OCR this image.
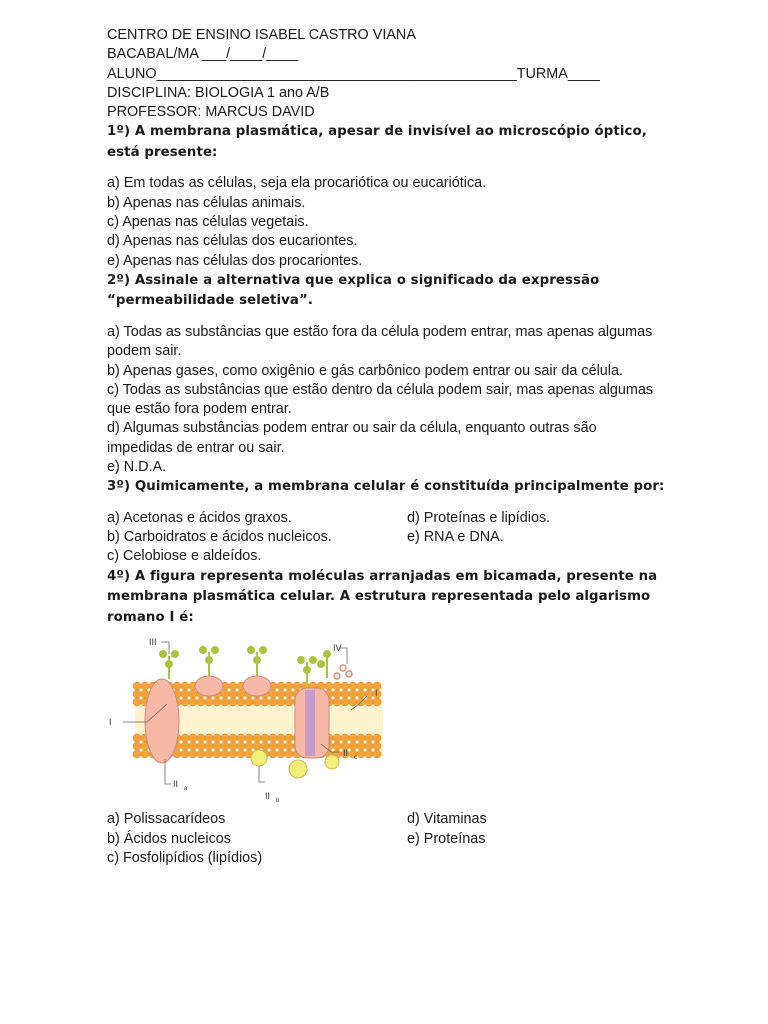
CENTRO DE ENSINO ISABEL CASTRO VIANA
BACABAL/MA ___/____/____
ALUNO_____________________________________________TURMA____
DISCIPLINA: BIOLOGIA 1 ano A/B
PROFESSOR: MARCUS DAVID
1º) A membrana plasmática, apesar de invisível ao microscópio óptico, está presente:
a) Em todas as células, seja ela procariótica ou eucariótica.
b) Apenas nas células animais.
c) Apenas nas células vegetais.
d) Apenas nas células dos eucariontes.
e) Apenas nas células dos procariontes.
2º) Assinale a alternativa que explica o significado da expressão “permeabilidade seletiva”.
a) Todas as substâncias que estão fora da célula podem entrar, mas apenas algumas podem sair.
b) Apenas gases, como oxigênio e gás carbônico podem entrar ou sair da célula.
c) Todas as substâncias que estão dentro da célula podem sair, mas apenas algumas que estão fora podem entrar.
d) Algumas substâncias podem entrar ou sair da célula, enquanto outras são impedidas de entrar ou sair.
e) N.D.A.
3º) Quimicamente, a membrana celular é constituída principalmente por:
a) Acetonas e ácidos graxos.	d) Proteínas e lipídios.
b) Carboidratos e ácidos nucleicos.	e) RNA e DNA.
c) Celobiose e aldeídos.
4º) A figura representa moléculas arranjadas em bicamada, presente na membrana plasmática celular. A estrutura representada pelo algarismo romano I é:
III
IV
I
I
II a
II b
II c
a) Polissacarídeos	d) Vitaminas
b) Ácidos nucleicos	e) Proteínas
c) Fosfolipídios (lipídios)
